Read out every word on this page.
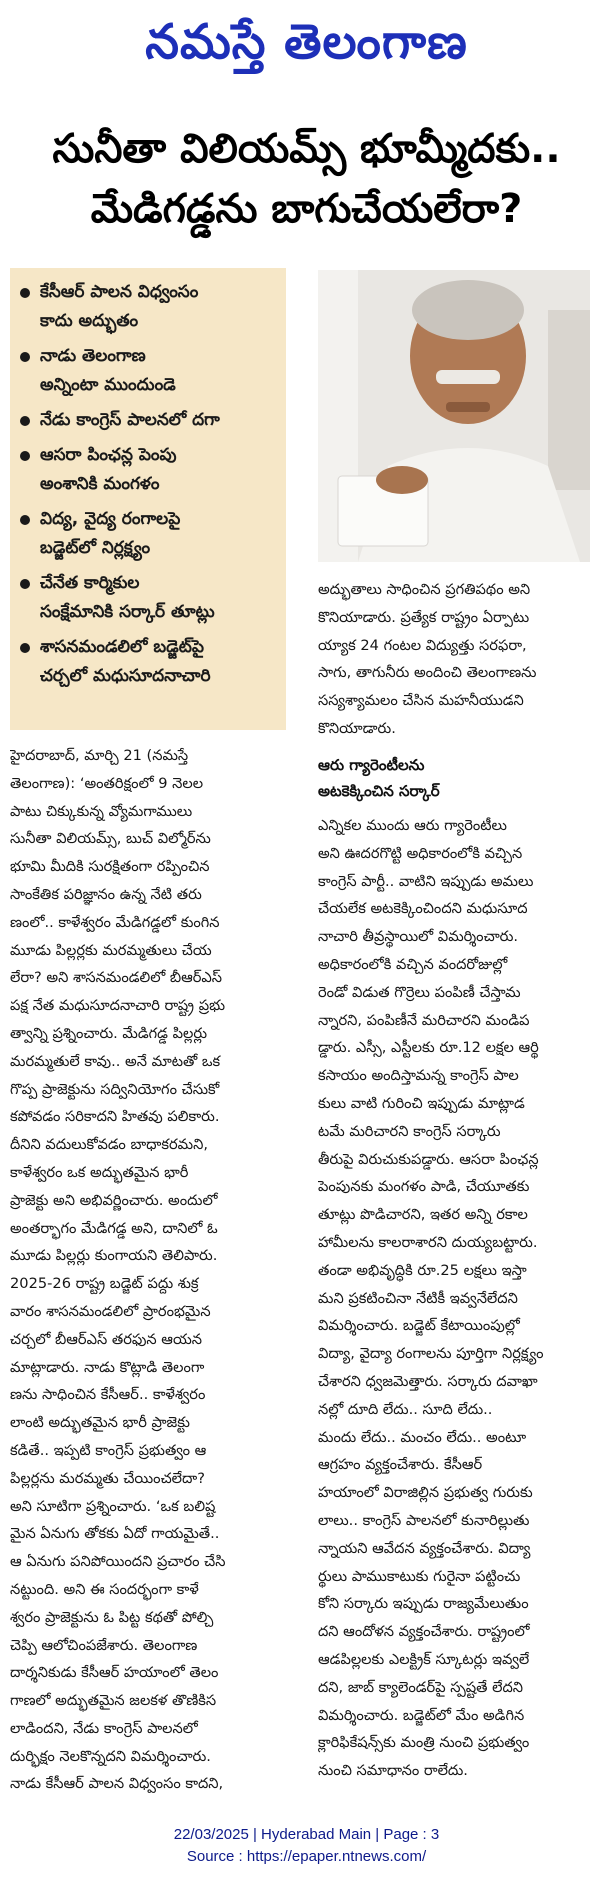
నమస్తే తెలంగాణ
సునీతా విలియమ్స్ భూమ్మీదకు..
మేడిగడ్డను బాగుచేయలేరా?
కేసీఆర్ పాలన విధ్వంసం
కాదు అద్భుతం
నాడు తెలంగాణ
అన్నింటా ముందుండె
నేడు కాంగ్రెస్ పాలనలో దగా
ఆసరా పింఛన్ల పెంపు
అంశానికి మంగళం
విద్య, వైద్య రంగాలపై
బడ్జెట్‌లో నిర్లక్ష్యం
చేనేత కార్మికుల
సంక్షేమానికి సర్కార్ తూట్లు
శాసనమండలిలో బడ్జెట్‌పై
చర్చలో మధుసూదనాచారి
అద్భుతాలు సాధించిన ప్రగతిపథం అని
కొనియాడారు. ప్రత్యేక రాష్ట్రం ఏర్పాటు
య్యాక 24 గంటల విద్యుత్తు సరఫరా,
సాగు, తాగునీరు అందించి తెలంగాణను
సస్యశ్యామలం చేసిన మహనీయుడని
కొనియాడారు.
ఆరు గ్యారెంటీలను
అటకెక్కించిన సర్కార్
ఎన్నికల ముందు ఆరు గ్యారెంటీలు
అని ఊదరగొట్టి అధికారంలోకి వచ్చిన
కాంగ్రెస్ పార్టీ.. వాటిని ఇప్పుడు అమలు
చేయలేక అటకెక్కించిందని మధుసూద
నాచారి తీవ్రస్థాయిలో విమర్శించారు.
అధికారంలోకి వచ్చిన వందరోజుల్లో
రెండో విడుత గొర్రెలు పంపిణీ చేస్తామ
న్నారని, పంపిణీనే మరిచారని మండిప
డ్డారు. ఎస్సీ, ఎస్టీలకు రూ.12 లక్షల ఆర్థి
కసాయం అందిస్తామన్న కాంగ్రెస్ పాల
కులు వాటి గురించి ఇప్పుడు మాట్లాడ
టమే మరిచారని కాంగ్రెస్ సర్కారు
తీరుపై విరుచుకుపడ్డారు. ఆసరా పింఛన్ల
పెంపునకు మంగళం పాడి, చేయూతకు
తూట్లు పొడిచారని, ఇతర అన్ని రకాల
హామీలను కాలరాశారని దుయ్యబట్టారు.
తండా అభివృద్ధికి రూ.25 లక్షలు ఇస్తా
మని ప్రకటించినా నేటికీ ఇవ్వనేలేదని
విమర్శించారు. బడ్జెట్ కేటాయింపుల్లో
విద్యా, వైద్యా రంగాలను పూర్తిగా నిర్లక్ష్యం
చేశారని ధ్వజమెత్తారు. సర్కారు దవాఖా
నల్లో దూది లేదు.. సూది లేదు..
మందు లేదు.. మంచం లేదు.. అంటూ
ఆగ్రహం వ్యక్తంచేశారు. కేసీఆర్
హయాంలో విరాజిల్లిన ప్రభుత్వ గురుకు
లాలు.. కాంగ్రెస్ పాలనలో కునారిల్లుతు
న్నాయని ఆవేదన వ్యక్తంచేశారు. విద్యా
ర్థులు పాముకాటుకు గురైనా పట్టించు
కోని సర్కారు ఇప్పుడు రాజ్యమేలుతుం
దని ఆందోళన వ్యక్తంచేశారు. రాష్ట్రంలో
ఆడపిల్లలకు ఎలక్ట్రిక్ స్కూటర్లు ఇవ్వలే
దని, జాబ్ క్యాలెండర్‌పై స్పష్టతే లేదని
విమర్శించారు. బడ్జెట్‌లో మేం అడిగిన
క్లారిఫికేషన్స్‌కు మంత్రి నుంచి ప్రభుత్వం
నుంచి సమాధానం రాలేదు.
హైదరాబాద్, మార్చి 21 (నమస్తే
తెలంగాణ): ‘అంతరిక్షంలో 9 నెలల
పాటు చిక్కుకున్న వ్యోమగాములు
సునీతా విలియమ్స్, బుచ్ విల్మోర్‌ను
భూమి మీదికి సురక్షితంగా రప్పించిన
సాంకేతిక పరిజ్ఞానం ఉన్న నేటి తరు
ణంలో.. కాళేశ్వరం మేడిగడ్డలో కుంగిన
మూడు పిల్లర్లకు మరమ్మతులు చేయ
లేరా? అని శాసనమండలిలో బీఆర్‌ఎస్
పక్ష నేత మధుసూదనాచారి రాష్ట్ర ప్రభు
త్వాన్ని ప్రశ్నించారు. మేడిగడ్డ పిల్లర్లు
మరమ్మతులే కావు.. అనే మాటతో ఒక
గొప్ప ప్రాజెక్టును సద్వినియోగం చేసుకో
కపోవడం సరికాదని హితవు పలికారు.
దీనిని వదులుకోవడం బాధాకరమని,
కాళేశ్వరం ఒక అద్భుతమైన భారీ
ప్రాజెక్టు అని అభివర్ణించారు. అందులో
అంతర్భాగం మేడిగడ్డ అని, దానిలో ఓ
మూడు పిల్లర్లు కుంగాయని తెలిపారు.
2025-26 రాష్ట్ర బడ్జెట్ పద్దు శుక్ర
వారం శాసనమండలిలో ప్రారంభమైన
చర్చలో బీఆర్‌ఎస్ తరఫున ఆయన
మాట్లాడారు. నాడు కొట్లాడి తెలంగా
ణను సాధించిన కేసీఆర్.. కాళేశ్వరం
లాంటి అద్భుతమైన భారీ ప్రాజెక్టు
కడితే.. ఇప్పటి కాంగ్రెస్ ప్రభుత్వం ఆ
పిల్లర్లను మరమ్మతు చేయించలేదా?
అని సూటిగా ప్రశ్నించారు. ‘ఒక బలిష్ట
మైన ఏనుగు తోకకు ఏదో గాయమైతే..
ఆ ఏనుగు పనిపోయిందని ప్రచారం చేసి
నట్టుంది. అని ఈ సందర్భంగా కాళే
శ్వరం ప్రాజెక్టును ఓ పిట్ట కథతో పోల్చి
చెప్పి ఆలోచింపజేశారు. తెలంగాణ
దార్శనికుడు కేసీఆర్ హయాంలో తెలం
గాణలో అద్భుతమైన జలకళ తొణికిస
లాడిందని, నేడు కాంగ్రెస్ పాలనలో
దుర్భిక్షం నెలకొన్నదని విమర్శించారు.
నాడు కేసీఆర్ పాలన విధ్వంసం కాదని,
22/03/2025 | Hyderabad Main | Page : 3
Source : https://epaper.ntnews.com/
